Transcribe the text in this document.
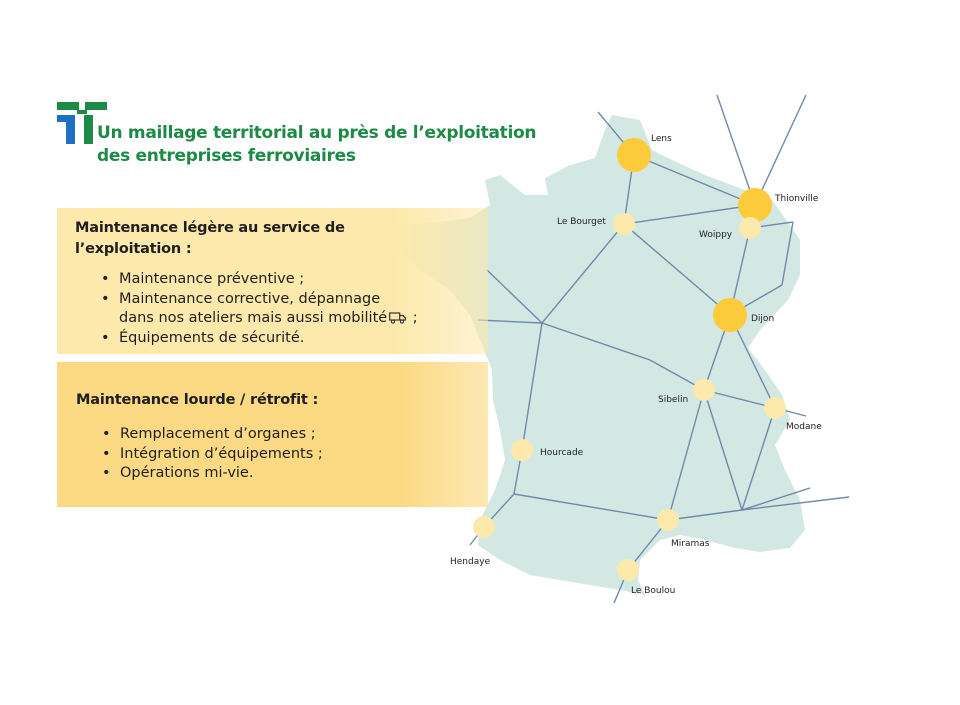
Un maillage territorial au près de l’exploitation
des entreprises ferroviaires
Lens
Thionville
Le Bourget
Woippy
Dijon
Sibelin
Modane
Hourcade
Hendaye
Miramas
Le Boulou
Maintenance légère au service de
l’exploitation :
• Maintenance préventive ;
• Maintenance corrective, dépannage
dans nos ateliers mais aussi mobilité ;
• Équipements de sécurité.
Maintenance lourde / rétrofit :
• Remplacement d’organes ;
• Intégration d’équipements ;
• Opérations mi-vie.
